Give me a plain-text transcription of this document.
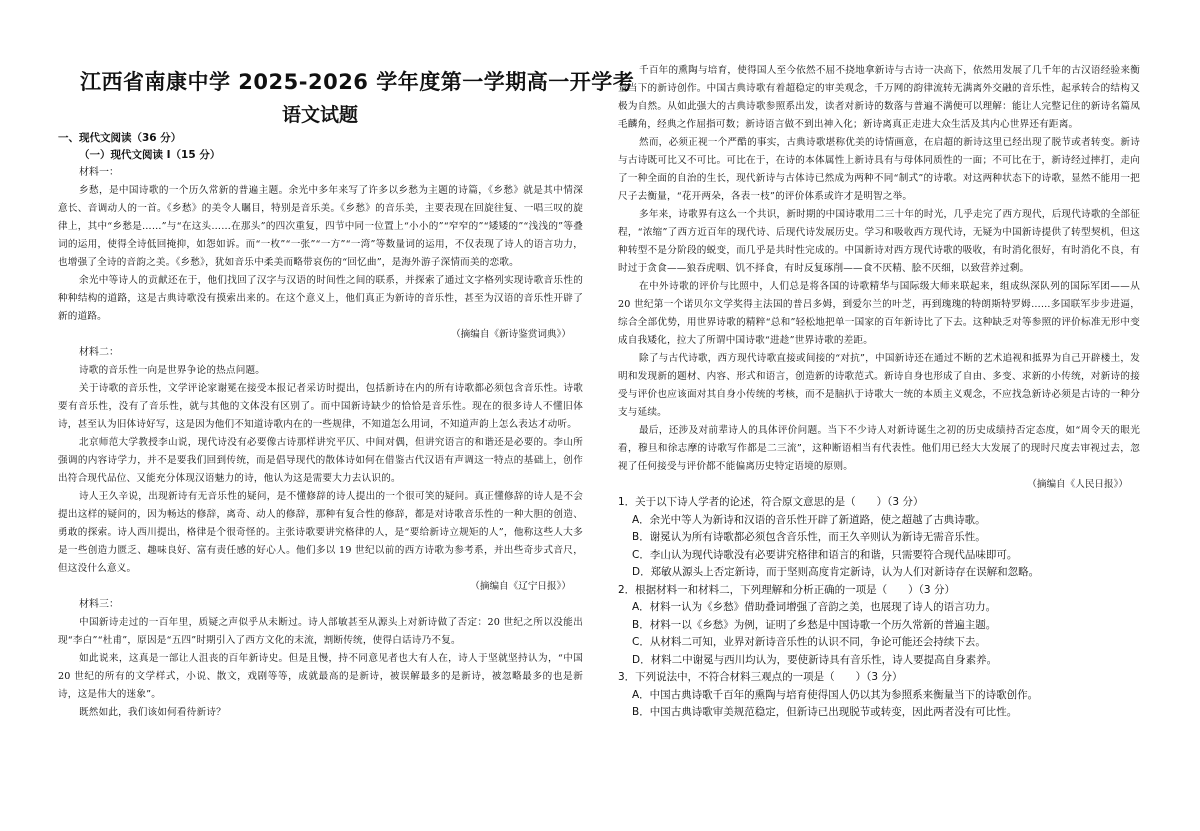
江西省南康中学 2025-2026 学年度第一学期高一开学考
语文试题
一、现代文阅读（36 分）
（一）现代文阅读 I（15 分）
材料一：

乡愁，是中国诗歌的一个历久常新的普遍主题。余光中多年来写了许多以乡愁为主题的诗篇，《乡愁》就是其中情深意长、音调动人的一首。《乡愁》的美令人瞩目，特别是音乐美。《乡愁》的音乐美，主要表现在回旋往复、一唱三叹的旋律上，其中“乡愁是……”与“在这头……在那头”的四次重复，四节中同一位置上“小小的”“窄窄的”“矮矮的”“浅浅的”等叠词的运用，使得全诗低回掩抑，如怨如诉。而“一枚”“一张”“一方”“一湾”等数量词的运用，不仅表现了诗人的语言功力，也增强了全诗的音韵之美。《乡愁》，犹如音乐中柔美而略带哀伤的“回忆曲”，是海外游子深情而美的恋歌。

余光中等诗人的贡献还在于，他们找回了汉字与汉语的时间性之间的联系，并探索了通过文字格列实现诗歌音乐性的种种结构的道路，这是古典诗歌没有摸索出来的。在这个意义上，他们真正为新诗的音乐性，甚至为汉语的音乐性开辟了新的道路。

（摘编自《新诗鉴赏词典》）
材料二：

诗歌的音乐性一向是世界争论的热点问题。

关于诗歌的音乐性，文学评论家谢冕在接受本报记者采访时提出，包括新诗在内的所有诗歌都必须包含音乐性。诗歌要有音乐性，没有了音乐性，就与其他的文体没有区别了。而中国新诗缺少的恰恰是音乐性。现在的很多诗人不懂旧体诗，甚至认为旧体诗好写，这是因为他们不知道诗歌内在的一些规律，不知道怎么用词，不知道声韵上怎么表达才动听。

北京师范大学教授李山说，现代诗没有必要像古诗那样讲究平仄、中间对偶，但讲究语言的和谐还是必要的。李山所强调的内容诗学力，并不是要我们回到传统，而是倡导现代的散体诗如何在借鉴古代汉语有声调这一特点的基础上，创作出符合现代品位、又能充分体现汉语魅力的诗，他认为这是需要大力去认识的。

诗人王久辛说，出现新诗有无音乐性的疑问，是不懂修辞的诗人提出的一个很可笑的疑问。真正懂修辞的诗人是不会提出这样的疑问的，因为畅达的修辞，离奇、动人的修辞，那种有复合性的修辞，都是对诗歌音乐性的一种大胆的创造、勇敢的探索。诗人西川提出，格律是个很奇怪的。主张诗歌要讲究格律的人，是“要给新诗立规矩的人”，他称这些人大多是一些创造力匮乏、趣味良好、富有责任感的好心人。他们多以 19 世纪以前的西方诗歌为参考系，并出些奇步式音尺，但这没什么意义。

（摘编自《辽宁日报》）
材料三：

中国新诗走过的一百年里，质疑之声似乎从未断过。诗人部敏甚至从源头上对新诗做了否定：20 世纪之所以没能出现“李白”“杜甫”，原因是“五四”时期引入了西方文化的末流，割断传统，使得白话诗乃不复。

如此说来，这真是一部让人沮丧的百年新诗史。但是且慢，持不同意见者也大有人在，诗人于坚就坚持认为，“中国 20 世纪的所有的文学样式，小说、散文，戏剧等等，成就最高的是新诗，被误解最多的是新诗，被忽略最多的也是新诗，这是伟大的迷象”。

既然如此，我们该如何看待新诗？

千百年的熏陶与培育，使得国人至今依然不屈不挠地拿新诗与古诗一决高下，依然用发展了几千年的古汉语经验来衡量当下的新诗创作。中国古典诗歌有着超稳定的审美观念，千万网的韵律流转无满离外交融的音乐性，起承转合的结构又极为自然。从如此强大的古典诗歌参照系出发，读者对新诗的数落与普遍不满便可以理解：能让人完整记住的新诗名篇凤毛麟角，经典之作屈指可数；新诗语言做不到出神入化；新诗离真正走进大众生活及其内心世界还有距离。

然而，必须正视一个严酷的事实，古典诗歌堪称优美的诗情画意，在启超的新诗这里已经出现了脱节或者转变。新诗与古诗既可比又不可比。可比在于，在诗的本体属性上新诗具有与母体同质性的一面；不可比在于，新诗经过摔打，走向了一种全面的自治的生长，现代新诗与古体诗已然成为两种不同“制式”的诗歌。对这两种状态下的诗歌，显然不能用一把尺子去衡量，“花开两朵，各表一枝”的评价体系或许才是明智之举。

多年来，诗歌界有这么一个共识，新时期的中国诗歌用二三十年的时光，几乎走完了西方现代，后现代诗歌的全部征程，“浓缩”了西方近百年的现代诗、后现代诗发展历史。学习和吸收西方现代诗，无疑为中国新诗提供了转型契机，但这种转型不是分阶段的蜕变，而几乎是共时性完成的。中国新诗对西方现代诗歌的吸收，有时消化很好，有时消化不良，有时过于贪食——狼吞虎咽、饥不择食，有时反复琢削——食不厌精、脍不厌细，以致营养过剩。

在中外诗歌的评价与比照中，人们总是将各国的诗歌精华与国际级大师来联起来，组成纵深队列的国际军团——从 20 世纪第一个诺贝尔文学奖得主法国的普吕多姆，到爱尔兰的叶芝，再到瑰瑰的特朗斯特罗姆……多国联军步步进逼，综合全部优势，用世界诗歌的精粹“总和”轻松地把单一国家的百年新诗比了下去。这种缺乏对等参照的评价标准无形中变成自我矮化，拉大了所谓中国诗歌“进趁”世界诗歌的差距。

除了与古代诗歌，西方现代诗歌直接或间接的“对抗”，中国新诗还在通过不断的艺术追视和抵界为自己开辟楼土，发明和发现新的题材、内容、形式和语言，创造新的诗歌范式。新诗自身也形成了自由、多变、求新的小传统，对新诗的接受与评价也应该面对其自身小传统的考核，而不是脑扒于诗歌大一统的本质主义观念，不应找急新诗必须是古诗的一种分支与延续。

最后，还涉及对前辈诗人的具体评价问题。当下不少诗人对新诗诞生之初的历史成绩持否定态度，如“周令天的眼光看，穆旦和徐志摩的诗歌写作都是二三流”，这种断语相当有代表性。他们用已经大大发展了的现时尺度去审视过去，忽视了任何接受与评价都不能偏离历史特定语境的原则。

（摘编自《人民日报》）
1．关于以下诗人学者的论述，符合原文意思的是（　　）（3 分）
A．余光中等人为新诗和汉语的音乐性开辟了新道路，使之超越了古典诗歌。
B．谢冕认为所有诗歌都必须包含音乐性，而王久辛则认为新诗无需音乐性。
C．李山认为现代诗歌没有必要讲究格律和语言的和谐，只需要符合现代品味即可。
D．郑敏从源头上否定新诗，而于坚则高度肯定新诗，认为人们对新诗存在误解和忽略。
2．根据材料一和材料二，下列理解和分析正确的一项是（　　）（3 分）
A．材料一认为《乡愁》借助叠词增强了音韵之美，也展现了诗人的语言功力。
B．材料一以《乡愁》为例，证明了乡愁是中国诗歌一个历久常新的普遍主题。
C．从材料二可知，业界对新诗音乐性的认识不同，争论可能还会持续下去。
D．材料二中谢冕与西川均认为，要使新诗具有音乐性，诗人要提高自身素养。
3．下列说法中，不符合材料三观点的一项是（　　）（3 分）
A．中国古典诗歌千百年的熏陶与培育使得国人仍以其为参照系来衡量当下的诗歌创作。
B．中国古典诗歌审美规范稳定，但新诗已出现脱节或转变，因此两者没有可比性。
